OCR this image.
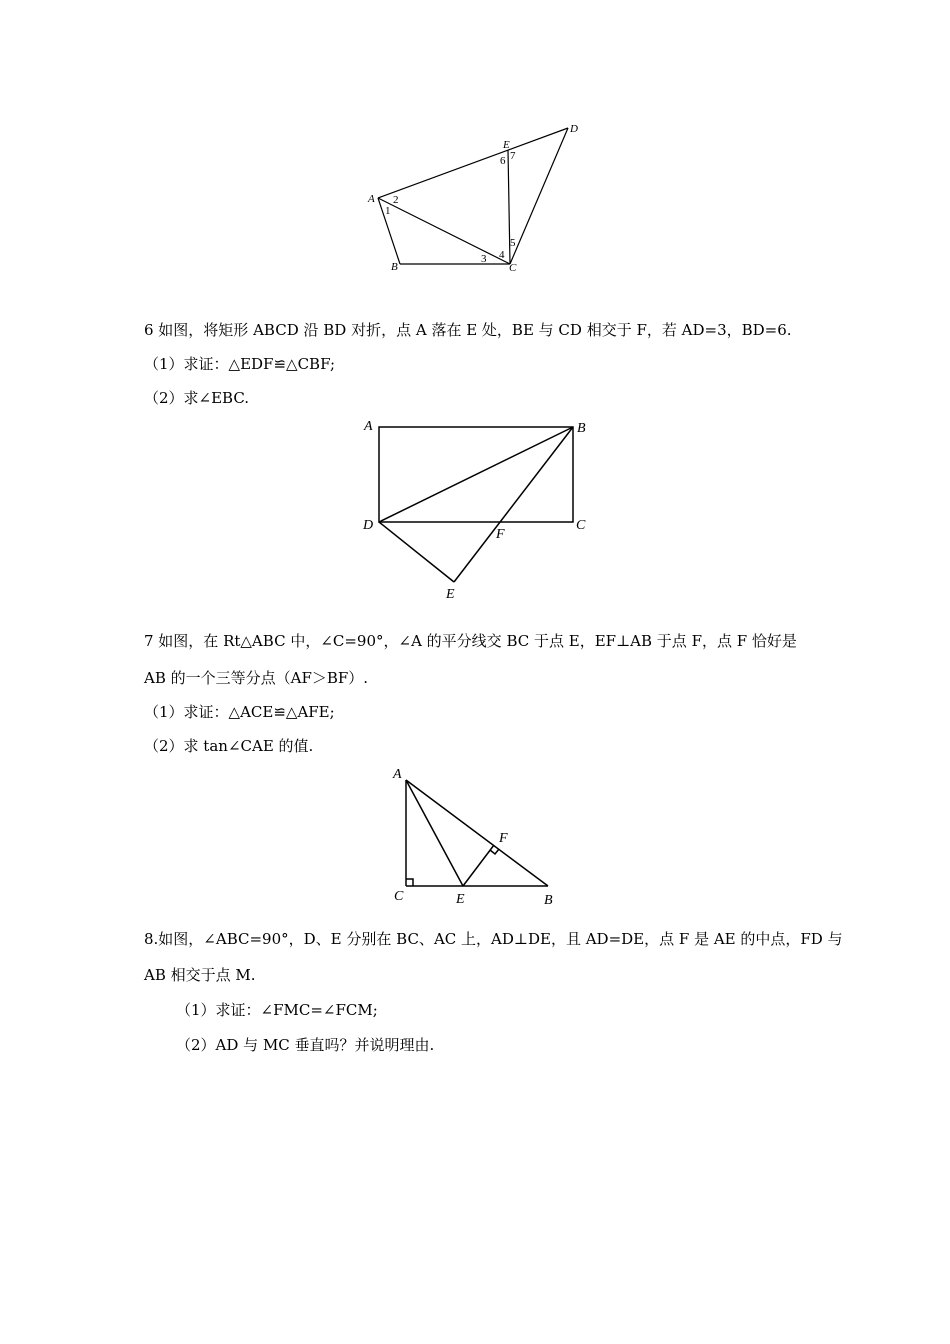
A
B	C
D
E
1
2
3 4
5
6 7
6 如图，将矩形 ABCD 沿 BD 对折，点 A 落在 E 处，BE 与 CD 相交于 F，若 AD=3，BD=6.
（1）求证：△EDF≌△CBF;
（2）求∠EBC.
A	B
C
D
E
F
7 如图，在 Rt△ABC 中，∠C=90°，∠A 的平分线交 BC 于点 E，EF⊥AB 于点 F，点 F 恰好是
AB 的一个三等分点（AF＞BF）.
（1）求证：△ACE≌△AFE;
（2）求 tan∠CAE 的值.
A
C	E	B
F
8.如图，∠ABC=90°，D、E 分别在 BC、AC 上，AD⊥DE，且 AD=DE，点 F 是 AE 的中点，FD 与
AB 相交于点 M.
（1）求证：∠FMC=∠FCM;
（2）AD 与 MC 垂直吗？并说明理由.
